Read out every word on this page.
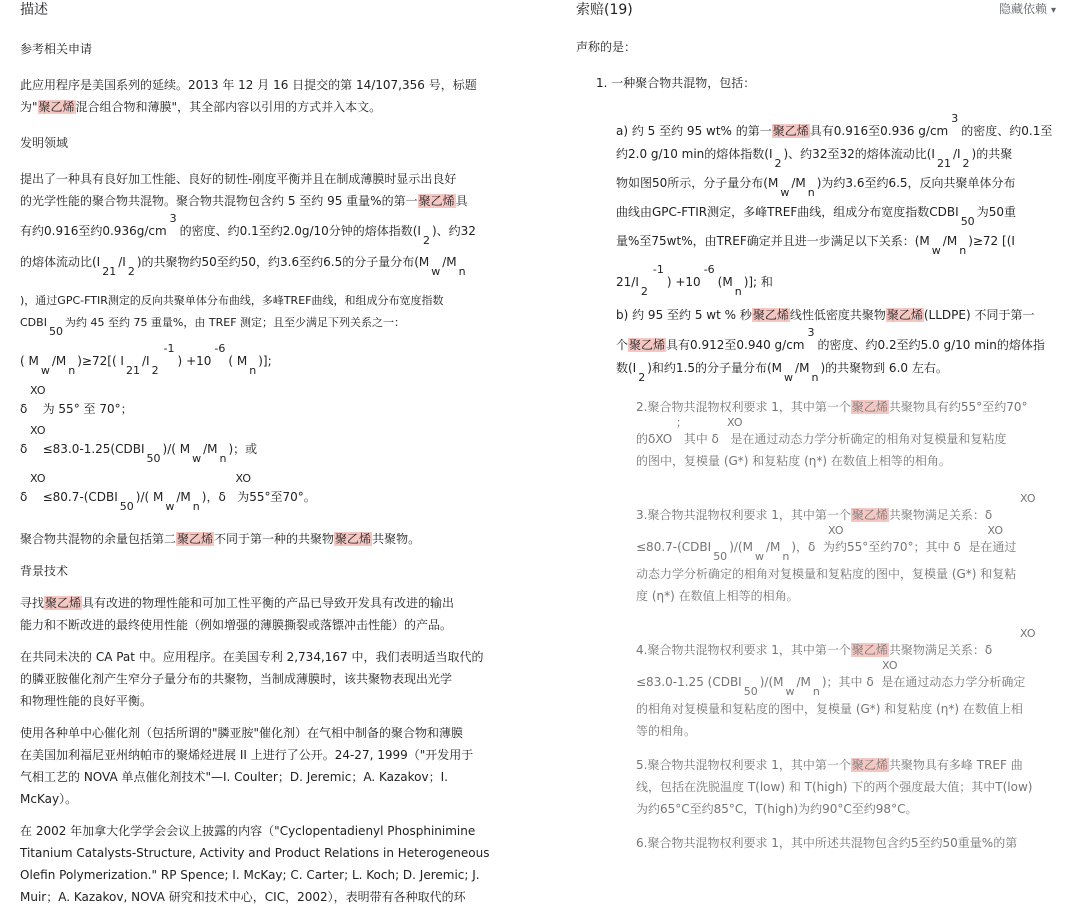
描述
参考相关申请
此应用程序是美国系列的延续。2013 年 12 月 16 日提交的第 14/107,356 号，标题
为"聚乙烯混合组合物和薄膜"，其全部内容以引用的方式并入本文。
发明领域
提出了一种具有良好加工性能、良好的韧性-刚度平衡并且在制成薄膜时显示出良好
的光学性能的聚合物共混物。聚合物共混物包含约 5 至约 95 重量%的第一聚乙烯具
有约0.916至约0.936g/cm3的密度、约0.1至约2.0g/10分钟的熔体指数(I2)、约32
的熔体流动比(I21/I2)的共聚物约50至约50，约3.6至约6.5的分子量分布(Mw/Mn
)，通过GPC-FTIR测定的反向共聚单体分布曲线，多峰TREF曲线，和组成分布宽度指数
CDBI50为约 45 至约 75 重量%，由 TREF 测定；且至少满足下列关系之一：
( Mw/Mn)≥72[( I21/I2-1) +10-6( Mn)];
XO
δ 为 55° 至 70°；
XO
δ ≤83.0-1.25(CDBI50)/( Mw/Mn)；或
XO	XO
δ ≤80.7-(CDBI50)/( Mw/Mn)，δ 为55°至70°。
聚合物共混物的余量包括第二聚乙烯不同于第一种的共聚物聚乙烯共聚物。
背景技术
寻找聚乙烯具有改进的物理性能和可加工性平衡的产品已导致开发具有改进的输出
能力和不断改进的最终使用性能（例如增强的薄膜撕裂或落镖冲击性能）的产品。
在共同未决的 CA Pat 中。应用程序。在美国专利 2,734,167 中，我们表明适当取代的
的膦亚胺催化剂产生窄分子量分布的共聚物，当制成薄膜时，该共聚物表现出光学
和物理性能的良好平衡。
使用各种单中心催化剂（包括所谓的"膦亚胺"催化剂）在气相中制备的聚合物和薄膜
在美国加利福尼亚州纳帕市的聚烯烃进展 II 上进行了公开。24-27, 1999（"开发用于
气相工艺的 NOVA 单点催化剂技术"—I. Coulter；D. Jeremic；A. Kazakov；I.
McKay）。
在 2002 年加拿大化学学会会议上披露的内容（"Cyclopentadienyl Phosphinimine
Titanium Catalysts-Structure, Activity and Product Relations in Heterogeneous
Olefin Polymerization." RP Spence; I. McKay; C. Carter; L. Koch; D. Jeremic; J.
Muir；A. Kazakov, NOVA 研究和技术中心，CIC，2002），表明带有各种取代的环
索赔(19)	隐藏依赖 ▾
声称的是：
1. 一种聚合物共混物，包括：
a) 约 5 至约 95 wt% 的第一聚乙烯具有0.916至0.936 g/cm3的密度、约0.1至
约2.0 g/10 min的熔体指数(I2)、约32至32的熔体流动比(I21/I2)的共聚
物如图50所示，分子量分布(Mw/Mn)为约3.6至约6.5，反向共聚单体分布
曲线由GPC-FTIR测定，多峰TREF曲线，组成分布宽度指数CDBI50为50重
量%至75wt%，由TREF确定并且进一步满足以下关系：(Mw/Mn)≥72 [(I
21/I2-1) +10-6(Mn)]; 和
b) 约 95 至约 5 wt % 秒聚乙烯线性低密度共聚物聚乙烯(LLDPE) 不同于第一
个聚乙烯具有0.912至0.940 g/cm3的密度、约0.2至约5.0 g/10 min的熔体指
数(I2)和约1.5的分子量分布(Mw/Mn)的共聚物到 6.0 左右。
2.聚合物共混物权利要求 1，其中第一个聚乙烯共聚物具有约55°至约70°
；	XO
的δXO 其中 δ 是在通过动态力学分析确定的相角对复模量和复粘度
的图中，复模量 (G*) 和复粘度 (η*) 在数值上相等的相角。
XO
3.聚合物共混物权利要求 1，其中第一个聚乙烯共聚物满足关系：δ
XO	XO
≤80.7-(CDBI50)/(Mw/Mn)，δ 为约55°至约70°；其中 δ 是在通过
动态力学分析确定的相角对复模量和复粘度的图中，复模量 (G*) 和复粘
度 (η*) 在数值上相等的相角。
XO
4.聚合物共混物权利要求 1，其中第一个聚乙烯共聚物满足关系：δ
XO
≤83.0-1.25 (CDBI50)/(Mw/Mn)；其中 δ 是在通过动态力学分析确定
的相角对复模量和复粘度的图中，复模量 (G*) 和复粘度 (η*) 在数值上相
等的相角。
5.聚合物共混物权利要求 1，其中第一个聚乙烯共聚物具有多峰 TREF 曲
线，包括在洗脱温度 T(low) 和 T(high) 下的两个强度最大值；其中T(low)
为约65°C至约85°C，T(high)为约90°C至约98°C。
6.聚合物共混物权利要求 1，其中所述共混物包含约5至约50重量%的第
